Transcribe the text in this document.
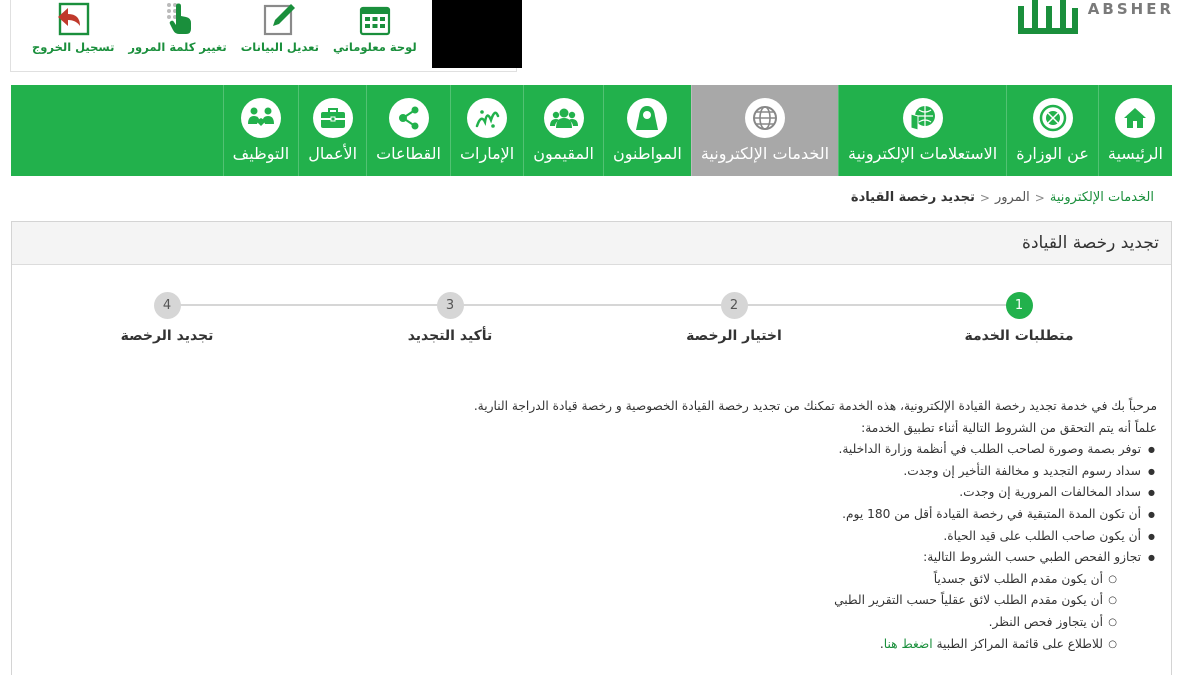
لوحة معلوماتي
تعديل البيانات
تغيير كلمة المرور
تسجيل الخروج
ABSHER
الرئيسية
عن الوزارة
الاستعلامات الإلكترونية
الخدمات الإلكترونية
المواطنون
المقيمون
الإمارات
القطاعات
الأعمال
التوظيف
الخدمات الإلكترونية
<
المرور
<
تجديد رخصة القيادة
تجديد رخصة القيادة
1
متطلبات الخدمة
2
اختيار الرخصة
3
تأكيد التجديد
4
تجديد الرخصة

مرحباً بك في خدمة تجديد رخصة القيادة الإلكترونية، هذه الخدمة تمكنك من تجديد رخصة القيادة الخصوصية و رخصة قيادة الدراجة النارية.

علماً أنه يتم التحقق من الشروط التالية أثناء تطبيق الخدمة:

● توفر بصمة وصورة لصاحب الطلب في أنظمة وزارة الداخلية.
● سداد رسوم التجديد و مخالفة التأخير إن وجدت.
● سداد المخالفات المرورية إن وجدت.
● أن تكون المدة المتبقية في رخصة القيادة أقل من 180 يوم.
● أن يكون صاحب الطلب على قيد الحياة.
● تجازو الفحص الطبي حسب الشروط التالية:
○ أن يكون مقدم الطلب لائق جسدياً
○ أن يكون مقدم الطلب لائق عقلياً حسب التقرير الطبي
○ أن يتجاوز فحص النظر.
○ للاطلاع على قائمة المراكز الطبية اضغط هنا.
